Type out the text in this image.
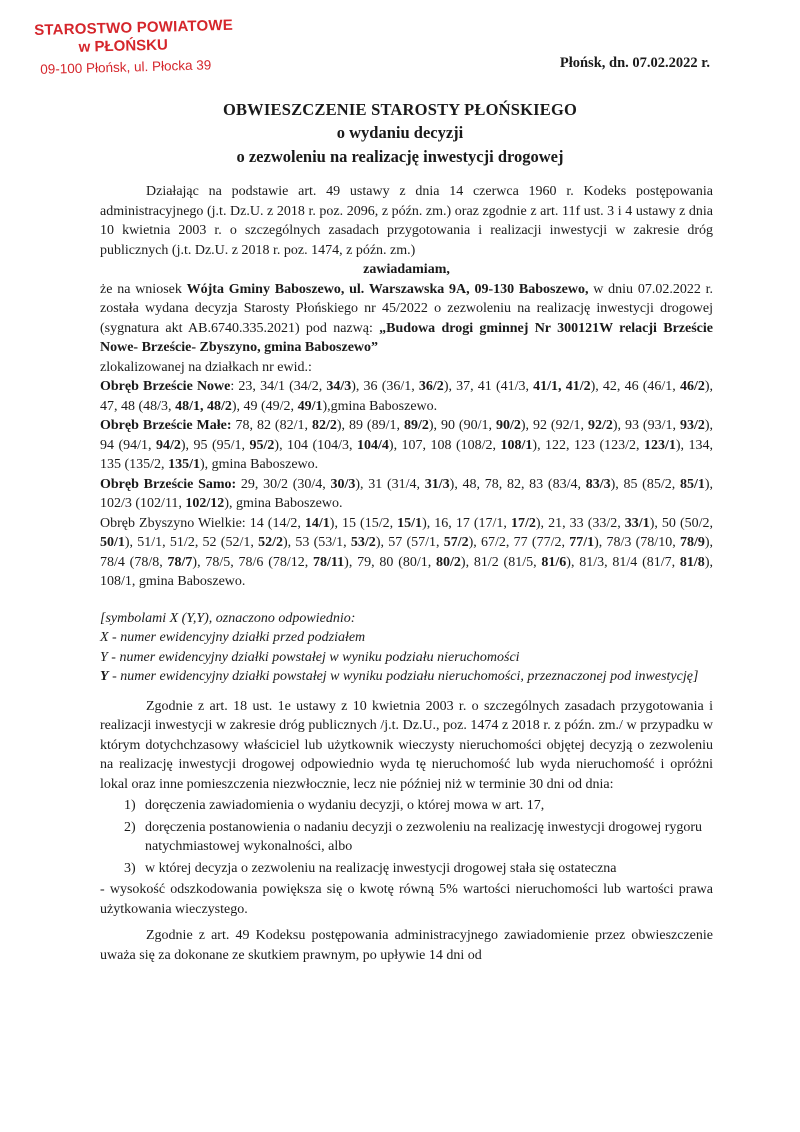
STAROSTWO POWIATOWE
w PŁOŃSKU
09-100 Płońsk, ul. Płocka 39	Płońsk, dn. 07.02.2022 r.
OBWIESZCZENIE STAROSTY PŁOŃSKIEGO
o wydaniu decyzji
o zezwoleniu na realizację inwestycji drogowej

Działając na podstawie art. 49 ustawy z dnia 14 czerwca 1960 r. Kodeks postępowania administracyjnego (j.t. Dz.U. z 2018 r. poz. 2096, z późn. zm.) oraz zgodnie z art. 11f ust. 3 i 4 ustawy z dnia 10 kwietnia 2003 r. o szczególnych zasadach przygotowania i realizacji inwestycji w zakresie dróg publicznych (j.t. Dz.U. z 2018 r. poz. 1474, z późn. zm.)

zawiadamiam,

że na wniosek Wójta Gminy Baboszewo, ul. Warszawska 9A, 09-130 Baboszewo, w dniu 07.02.2022 r. została wydana decyzja Starosty Płońskiego nr 45/2022 o zezwoleniu na realizację inwestycji drogowej (sygnatura akt AB.6740.335.2021) pod nazwą: „Budowa drogi gminnej Nr 300121W relacji Brzeście Nowe- Brzeście- Zbyszyno, gmina Baboszewo”

zlokalizowanej na działkach nr ewid.:

Obręb Brzeście Nowe: 23, 34/1 (34/2, 34/3), 36 (36/1, 36/2), 37, 41 (41/3, 41/1, 41/2), 42, 46 (46/1, 46/2), 47, 48 (48/3, 48/1, 48/2), 49 (49/2, 49/1),gmina Baboszewo.

Obręb Brzeście Małe: 78, 82 (82/1, 82/2), 89 (89/1, 89/2), 90 (90/1, 90/2), 92 (92/1, 92/2), 93 (93/1, 93/2), 94 (94/1, 94/2), 95 (95/1, 95/2), 104 (104/3, 104/4), 107, 108 (108/2, 108/1), 122, 123 (123/2, 123/1), 134, 135 (135/2, 135/1), gmina Baboszewo.

Obręb Brzeście Samo: 29, 30/2 (30/4, 30/3), 31 (31/4, 31/3), 48, 78, 82, 83 (83/4, 83/3), 85 (85/2, 85/1), 102/3 (102/11, 102/12), gmina Baboszewo.

Obręb Zbyszyno Wielkie: 14 (14/2, 14/1), 15 (15/2, 15/1), 16, 17 (17/1, 17/2), 21, 33 (33/2, 33/1), 50 (50/2, 50/1), 51/1, 51/2, 52 (52/1, 52/2), 53 (53/1, 53/2), 57 (57/1, 57/2), 67/2, 77 (77/2, 77/1), 78/3 (78/10, 78/9), 78/4 (78/8, 78/7), 78/5, 78/6 (78/12, 78/11), 79, 80 (80/1, 80/2), 81/2 (81/5, 81/6), 81/3, 81/4 (81/7, 81/8), 108/1, gmina Baboszewo.

[symbolami X (Y,Y), oznaczono odpowiednio:

X - numer ewidencyjny działki przed podziałem

Y - numer ewidencyjny działki powstałej w wyniku podziału nieruchomości

Y - numer ewidencyjny działki powstałej w wyniku podziału nieruchomości, przeznaczonej pod inwestycję]

Zgodnie z art. 18 ust. 1e ustawy z 10 kwietnia 2003 r. o szczególnych zasadach przygotowania i realizacji inwestycji w zakresie dróg publicznych /j.t. Dz.U., poz. 1474 z 2018 r. z późn. zm./ w przypadku w którym dotychchzasowy właściciel lub użytkownik wieczysty nieruchomości objętej decyzją o zezwoleniu na realizację inwestycji drogowej odpowiednio wyda tę nieruchomość lub wyda nieruchomość i opróżni lokal oraz inne pomieszczenia niezwłocznie, lecz nie później niż w terminie 30 dni od dnia:

1) doręczenia zawiadomienia o wydaniu decyzji, o której mowa w art. 17,
2) doręczenia postanowienia o nadaniu decyzji o zezwoleniu na realizację inwestycji drogowej rygoru natychmiastowej wykonalności, albo
3) w której decyzja o zezwoleniu na realizację inwestycji drogowej stała się ostateczna

- wysokość odszkodowania powiększa się o kwotę równą 5% wartości nieruchomości lub wartości prawa użytkowania wieczystego.

Zgodnie z art. 49 Kodeksu postępowania administracyjnego zawiadomienie przez obwieszczenie uważa się za dokonane ze skutkiem prawnym, po upływie 14 dni od
